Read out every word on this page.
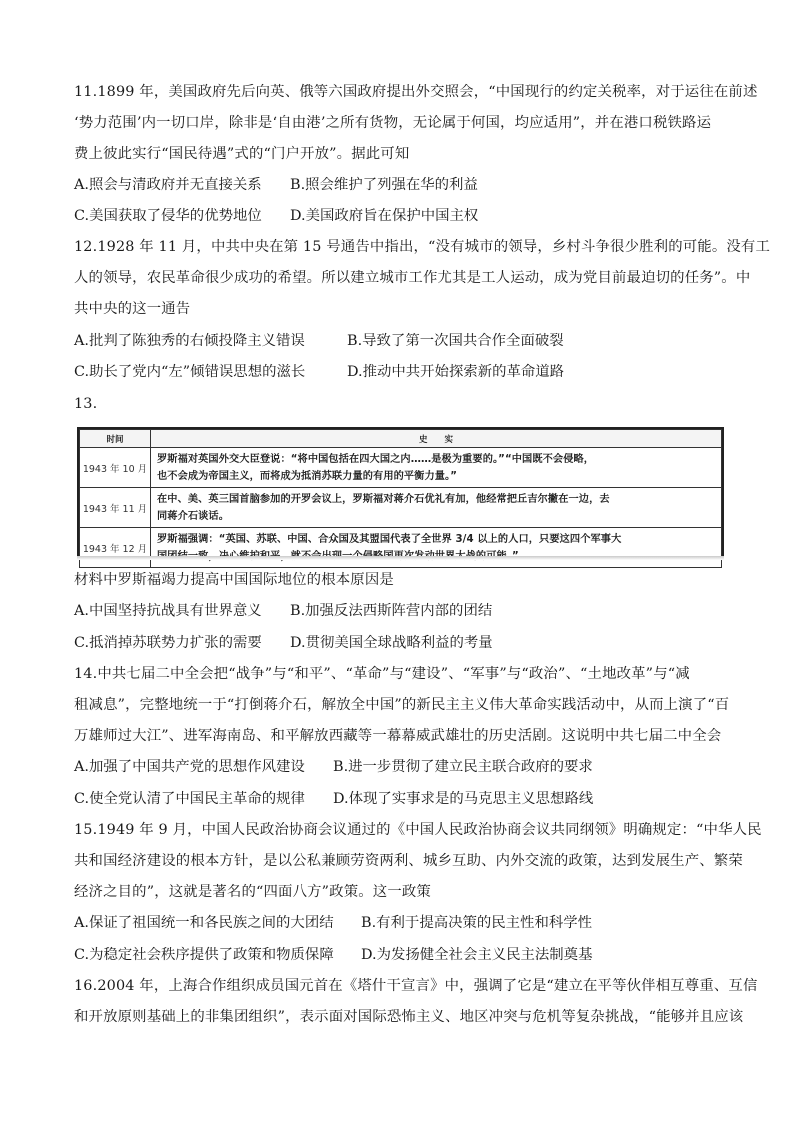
11.1899 年，美国政府先后向英、俄等六国政府提出外交照会，“中国现行的约定关税率，对于运往在前述
‘势力范围’内一切口岸，除非是‘自由港’之所有货物，无论属于何国，均应适用”，并在港口税铁路运
费上彼此实行“国民待遇”式的“门户开放”。据此可知
A.照会与清政府并无直接关系 B.照会维护了列强在华的利益
C.美国获取了侵华的优势地位 D.美国政府旨在保护中国主权
12.1928 年 11 月，中共中央在第 15 号通告中指出，“没有城市的领导，乡村斗争很少胜利的可能。没有工
人的领导，农民革命很少成功的希望。所以建立城市工作尤其是工人运动，成为党目前最迫切的任务”。中
共中央的这一通告
A.批判了陈独秀的右倾投降主义错误	B.导致了第一次国共合作全面破裂
C.助长了党内“左”倾错误思想的滋长	D.推动中共开始探索新的革命道路
13.
时间	史　　实
1943 年 10 月	罗斯福对英国外交大臣登说：“将中国包括在四大国之内……是极为重要的。”“中国既不会侵略，
也不会成为帝国主义，而将成为抵消苏联力量的有用的平衡力量。”

1943 年 11 月	在中、美、英三国首脑参加的开罗会议上，罗斯福对蒋介石优礼有加，他经常把丘吉尔撇在一边，去
同蒋介石谈话。

1943 年 12 月	罗斯福强调：“英国、苏联、中国、合众国及其盟国代表了全世界 3/4 以上的人口，只要这四个军事大
材料中罗斯福竭力提高中国国际地位的根本原因是
A.中国坚持抗战具有世界意义 B.加强反法西斯阵营内部的团结
C.抵消掉苏联势力扩张的需要 D.贯彻美国全球战略利益的考量
14.中共七届二中全会把“战争”与“和平”、“革命”与“建设”、“军事”与“政治”、“土地改革”与“减
租减息”，完整地统一于“打倒蒋介石，解放全中国”的新民主主义伟大革命实践活动中，从而上演了“百
万雄师过大江”、进军海南岛、和平解放西藏等一幕幕威武雄壮的历史活剧。这说明中共七届二中全会
A.加强了中国共产党的思想作风建设 B.进一步贯彻了建立民主联合政府的要求
C.使全党认清了中国民主革命的规律 D.体现了实事求是的马克思主义思想路线
15.1949 年 9 月，中国人民政治协商会议通过的《中国人民政治协商会议共同纲领》明确规定：“中华人民
共和国经济建设的根本方针，是以公私兼顾劳资两利、城乡互助、内外交流的政策，达到发展生产、繁荣
经济之目的”，这就是著名的“四面八方”政策。这一政策
A.保证了祖国统一和各民族之间的大团结 B.有利于提高决策的民主性和科学性
C.为稳定社会秩序提供了政策和物质保障 D.为发扬健全社会主义民主法制奠基
16.2004 年，上海合作组织成员国元首在《塔什干宣言》中，强调了它是“建立在平等伙伴相互尊重、互信
和开放原则基础上的非集团组织”，表示面对国际恐怖主义、地区冲突与危机等复杂挑战，“能够并且应该
